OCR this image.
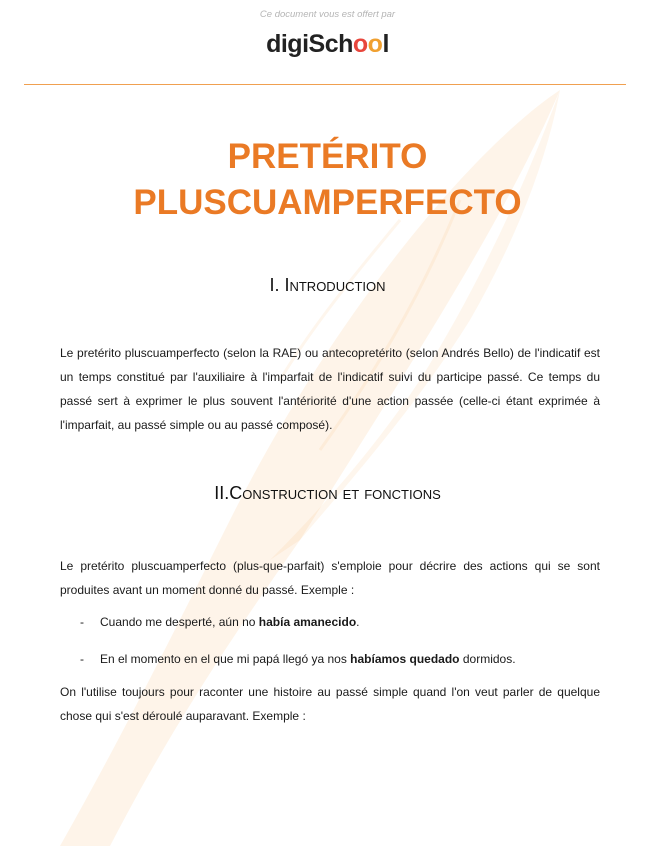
Ce document vous est offert par
digiSchool
PRETÉRITO
PLUSCUAMPERFECTO
I. Introduction
Le pretérito pluscuamperfecto (selon la RAE) ou antecopretérito (selon Andrés Bello) de l'indicatif est un temps constitué par l'auxiliaire à l'imparfait de l'indicatif suivi du participe passé. Ce temps du passé sert à exprimer le plus souvent l'antériorité d'une action passée (celle-ci étant exprimée à l'imparfait, au passé simple ou au passé composé).
II.Construction et fonctions
Le pretérito pluscuamperfecto (plus-que-parfait) s'emploie pour décrire des actions qui se sont produites avant un moment donné du passé. Exemple :
- Cuando me desperté, aún no había amanecido.
- En el momento en el que mi papá llegó ya nos habíamos quedado dormidos.
On l'utilise toujours pour raconter une histoire au passé simple quand l'on veut parler de quelque chose qui s'est déroulé auparavant. Exemple :
